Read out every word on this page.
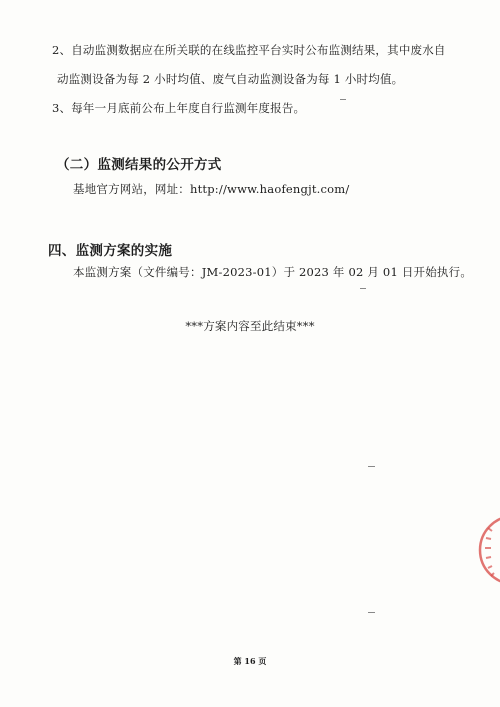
2、自动监测数据应在所关联的在线监控平台实时公布监测结果，其中废水自
动监测设备为每 2 小时均值、废气自动监测设备为每 1 小时均值。
3、每年一月底前公布上年度自行监测年度报告。
（二）监测结果的公开方式
基地官方网站，网址：http://www.haofengjt.com/
四、监测方案的实施
本监测方案（文件编号：JM-2023-01）于 2023 年 02 月 01 日开始执行。
***方案内容至此结束***
第 16 页
